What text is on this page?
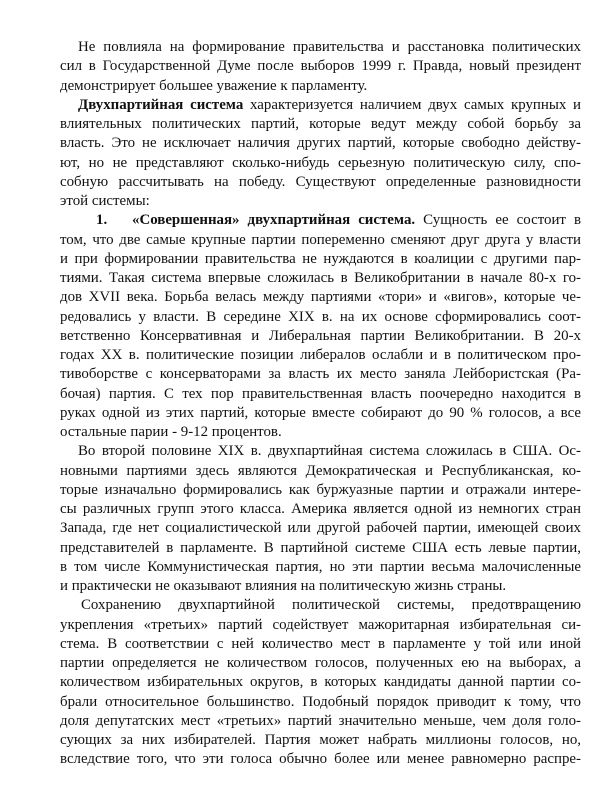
Не повлияла на формирование правительства и расстановка политических
сил в Государственной Думе после выборов 1999 г. Правда, новый президент
демонстрирует большее уважение к парламенту.
Двухпартийная система характеризуется наличием двух самых крупных и
влиятельных политических партий, которые ведут между собой борьбу за
власть. Это не исключает наличия других партий, которые свободно действу-
ют, но не представляют сколько-нибудь серьезную политическую силу, спо-
собную рассчитывать на победу. Существуют определенные разновидности
этой системы:
1. «Совершенная» двухпартийная система. Сущность ее состоит в
том, что две самые крупные партии попеременно сменяют друг друга у власти
и при формировании правительства не нуждаются в коалиции с другими пар-
тиями. Такая система впервые сложилась в Великобритании в начале 80-х го-
дов XVII века. Борьба велась между партиями «тори» и «вигов», которые че-
редовались у власти. В середине XIX в. на их основе сформировались соот-
ветственно Консервативная и Либеральная партии Великобритании. В 20-х
годах XX в. политические позиции либералов ослабли и в политическом про-
тивоборстве с консерваторами за власть их место заняла Лейбористская (Ра-
бочая) партия. С тех пор правительственная власть поочередно находится в
руках одной из этих партий, которые вместе собирают до 90 % голосов, а все
остальные парии - 9-12 процентов.
Во второй половине XIX в. двухпартийная система сложилась в США. Ос-
новными партиями здесь являются Демократическая и Республиканская, ко-
торые изначально формировались как буржуазные партии и отражали интере-
сы различных групп этого класса. Америка является одной из немногих стран
Запада, где нет социалистической или другой рабочей партии, имеющей своих
представителей в парламенте. В партийной системе США есть левые партии,
в том числе Коммунистическая партия, но эти партии весьма малочисленные
и практически не оказывают влияния на политическую жизнь страны.
Сохранению двухпартийной политической системы, предотвращению
укрепления «третьих» партий содействует мажоритарная избирательная си-
стема. В соответствии с ней количество мест в парламенте у той или иной
партии определяется не количеством голосов, полученных ею на выборах, а
количеством избирательных округов, в которых кандидаты данной партии со-
брали относительное большинство. Подобный порядок приводит к тому, что
доля депутатских мест «третьих» партий значительно меньше, чем доля голо-
сующих за них избирателей. Партия может набрать миллионы голосов, но,
вследствие того, что эти голоса обычно более или менее равномерно распре-
